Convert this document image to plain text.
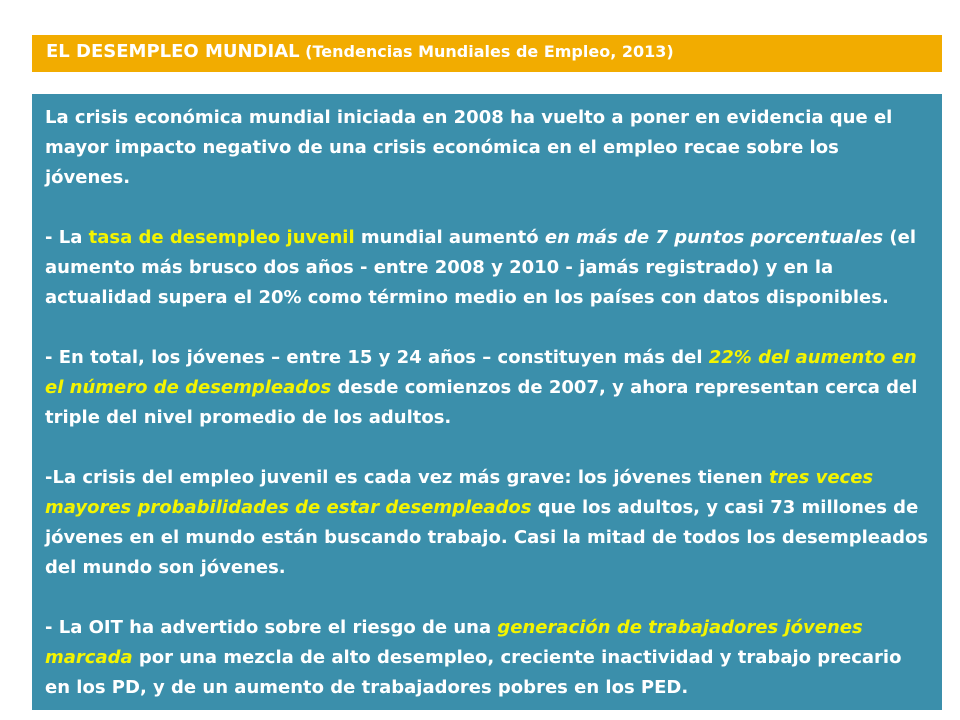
EL DESEMPLEO MUNDIAL (Tendencias Mundiales de Empleo, 2013)

La crisis económica mundial iniciada en 2008 ha vuelto a poner en evidencia que el mayor impacto negativo de una crisis económica en el empleo recae sobre los jóvenes.

- La tasa de desempleo juvenil mundial aumentó en más de 7 puntos porcentuales (el aumento más brusco dos años - entre 2008 y 2010 - jamás registrado) y en la actualidad supera el 20% como término medio en los países con datos disponibles.

- En total, los jóvenes – entre 15 y 24 años – constituyen más del 22% del aumento en el número de desempleados desde comienzos de 2007, y ahora representan cerca del triple del nivel promedio de los adultos.

-La crisis del empleo juvenil es cada vez más grave: los jóvenes tienen tres veces mayores probabilidades de estar desempleados que los adultos, y casi 73 millones de jóvenes en el mundo están buscando trabajo. Casi la mitad de todos los desempleados del mundo son jóvenes.

- La OIT ha advertido sobre el riesgo de una generación de trabajadores jóvenes marcada por una mezcla de alto desempleo, creciente inactividad y trabajo precario en los PD, y de un aumento de trabajadores pobres en los PED.
